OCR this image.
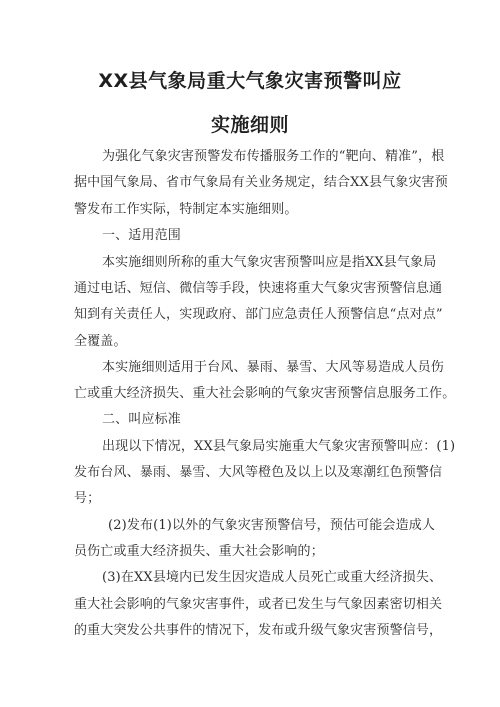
XX县气象局重大气象灾害预警叫应
实施细则
为强化气象灾害预警发布传播服务工作的“靶向、精准”，根
据中国气象局、省市气象局有关业务规定，结合XX县气象灾害预
警发布工作实际，特制定本实施细则。
一、适用范围
本实施细则所称的重大气象灾害预警叫应是指XX县气象局
通过电话、短信、微信等手段，快速将重大气象灾害预警信息通
知到有关责任人，实现政府、部门应急责任人预警信息“点对点”
全覆盖。
本实施细则适用于台风、暴雨、暴雪、大风等易造成人员伤
亡或重大经济损失、重大社会影响的气象灾害预警信息服务工作。
二、叫应标准
出现以下情况，XX县气象局实施重大气象灾害预警叫应：(1)
发布台风、暴雨、暴雪、大风等橙色及以上以及寒潮红色预警信
号；
(2)发布(1)以外的气象灾害预警信号，预估可能会造成人
员伤亡或重大经济损失、重大社会影响的；
(3)在XX县境内已发生因灾造成人员死亡或重大经济损失、
重大社会影响的气象灾害事件，或者已发生与气象因素密切相关
的重大突发公共事件的情况下，发布或升级气象灾害预警信号，
